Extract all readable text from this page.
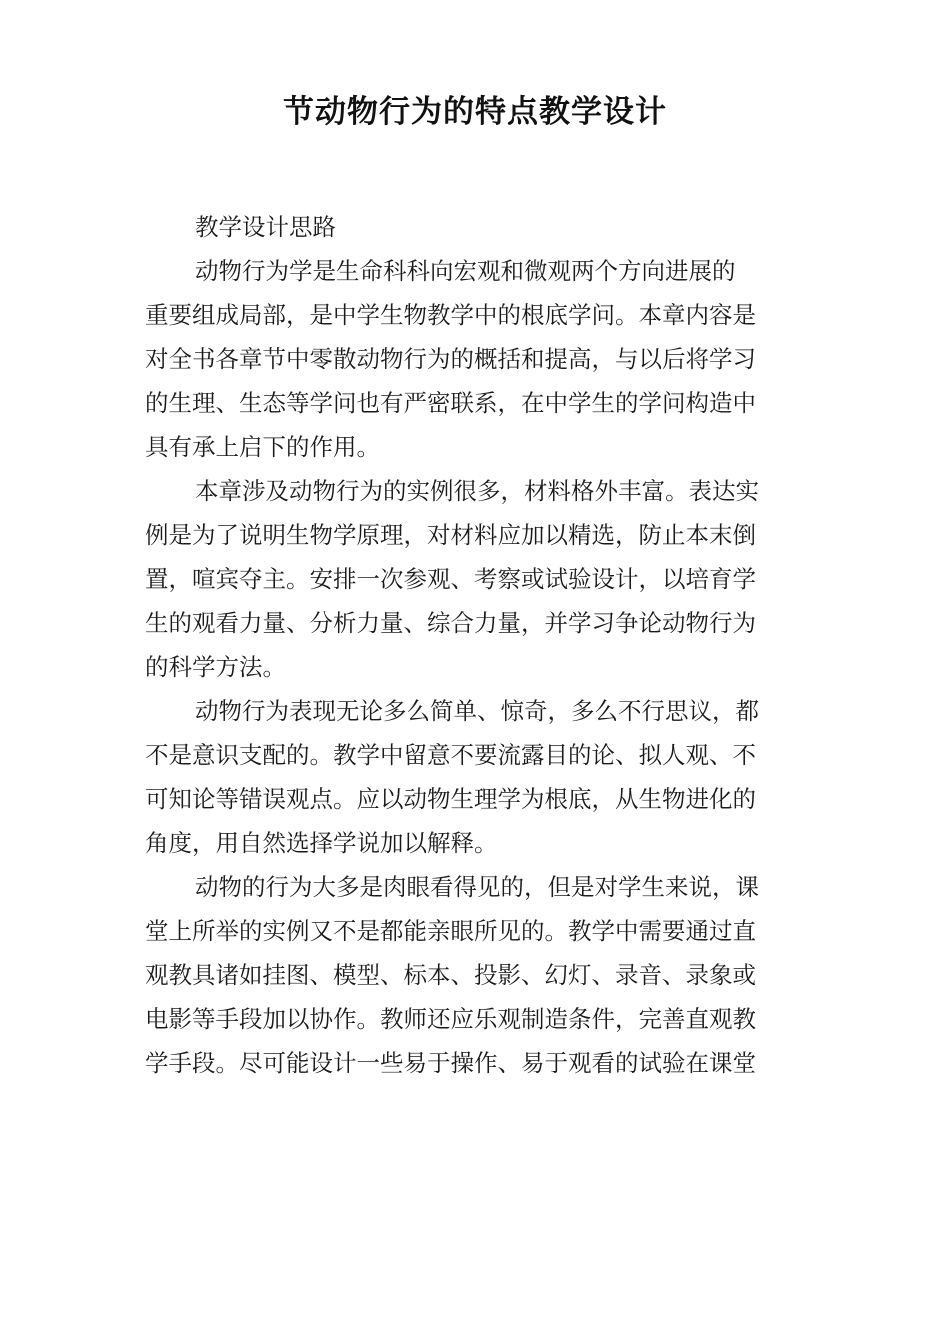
节动物行为的特点教学设计
教学设计思路
动物行为学是生命科科向宏观和微观两个方向进展的
重要组成局部，是中学生物教学中的根底学问。本章内容是
对全书各章节中零散动物行为的概括和提高，与以后将学习
的生理、生态等学问也有严密联系，在中学生的学问构造中
具有承上启下的作用。
本章涉及动物行为的实例很多，材料格外丰富。表达实
例是为了说明生物学原理，对材料应加以精选，防止本末倒
置，喧宾夺主。安排一次参观、考察或试验设计，以培育学
生的观看力量、分析力量、综合力量，并学习争论动物行为
的科学方法。
动物行为表现无论多么简单、惊奇，多么不行思议，都
不是意识支配的。教学中留意不要流露目的论、拟人观、不
可知论等错误观点。应以动物生理学为根底，从生物进化的
角度，用自然选择学说加以解释。
动物的行为大多是肉眼看得见的，但是对学生来说，课
堂上所举的实例又不是都能亲眼所见的。教学中需要通过直
观教具诸如挂图、模型、标本、投影、幻灯、录音、录象或
电影等手段加以协作。教师还应乐观制造条件，完善直观教
学手段。尽可能设计一些易于操作、易于观看的试验在课堂
